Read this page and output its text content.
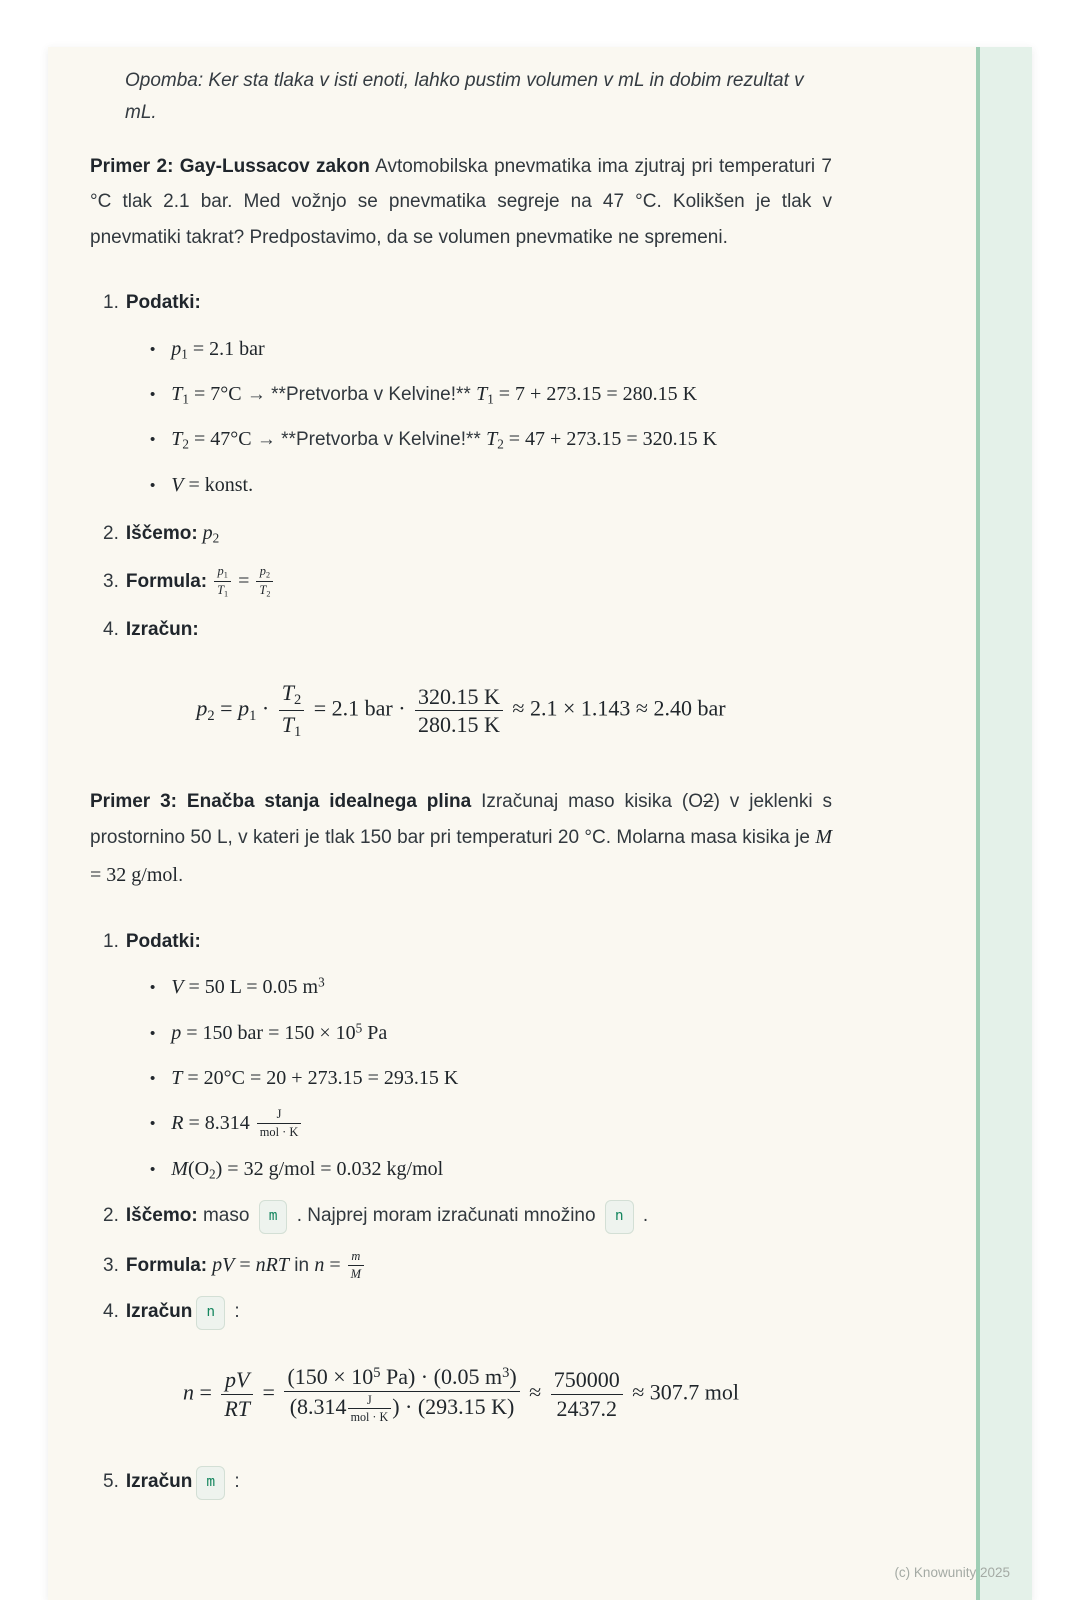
Opomba: Ker sta tlaka v isti enoti, lahko pustim volumen v mL in dobim rezultat v mL.
Primer 2: Gay-Lussacov zakon Avtomobilska pnevmatika ima zjutraj pri temperaturi 7 °C tlak 2.1 bar. Med vožnjo se pnevmatika segreje na 47 °C. Kolikšen je tlak v pnevmatiki takrat? Predpostavimo, da se volumen pnevmatike ne spremeni.
1. Podatki:
• $p_1 = 2.1$ bar
• $T_1 = 7^\circ C$ → **Pretvorba v Kelvine!** $T_1 = 7 + 273.15 = 280.15$ K
• $T_2 = 47^\circ C$ → **Pretvorba v Kelvine!** $T_2 = 47 + 273.15 = 320.15$ K
• V = konst.
2. Iščemo: $p_2$
3. Formula: $\frac{p_1}{T_1} = \frac{p_2}{T_2}$
4. Izračun:
$p_2 = p_1 \cdot \frac{T_2}{T_1} = 2.1$ bar · $\frac{320.15 K}{280.15 K} \approx 2.1 \times 1.143 \approx 2.40$ bar
Primer 3: Enačba stanja idealnega plina Izračunaj maso kisika (O2) v jeklenki s prostornino 50 L, v kateri je tlak 150 bar pri temperaturi 20 °C. Molarna masa kisika je M = 32 g/mol.
1. Podatki:
• V = 50 L = 0.05 $m^3$
• p = 150 bar = $150 \times 10^5$ Pa
• T = 20°C = 20 + 273.15 = 293.15 K
• $R = 8.314 \frac{J}{\text{mol · K}}$
• $M(O_2) = 32$ g/mol = 0.032 kg/mol
2. Iščemo: maso m . Najprej moram izračunati množino n .
3. Formula: pV = nRT in $n = \frac{m}{M}$
4. Izračun n :
$n = \frac{pV}{RT} = \frac{(150 \times 10^5 Pa) \cdot (0.05 m^3)}{(8.314 \frac{J}{\text{mol · K}} ) \cdot (293.15 K)} \approx \frac{750000}{2437.2} \approx 307.7$ mol
5. Izračun m :
(c) Knowunity 2025
